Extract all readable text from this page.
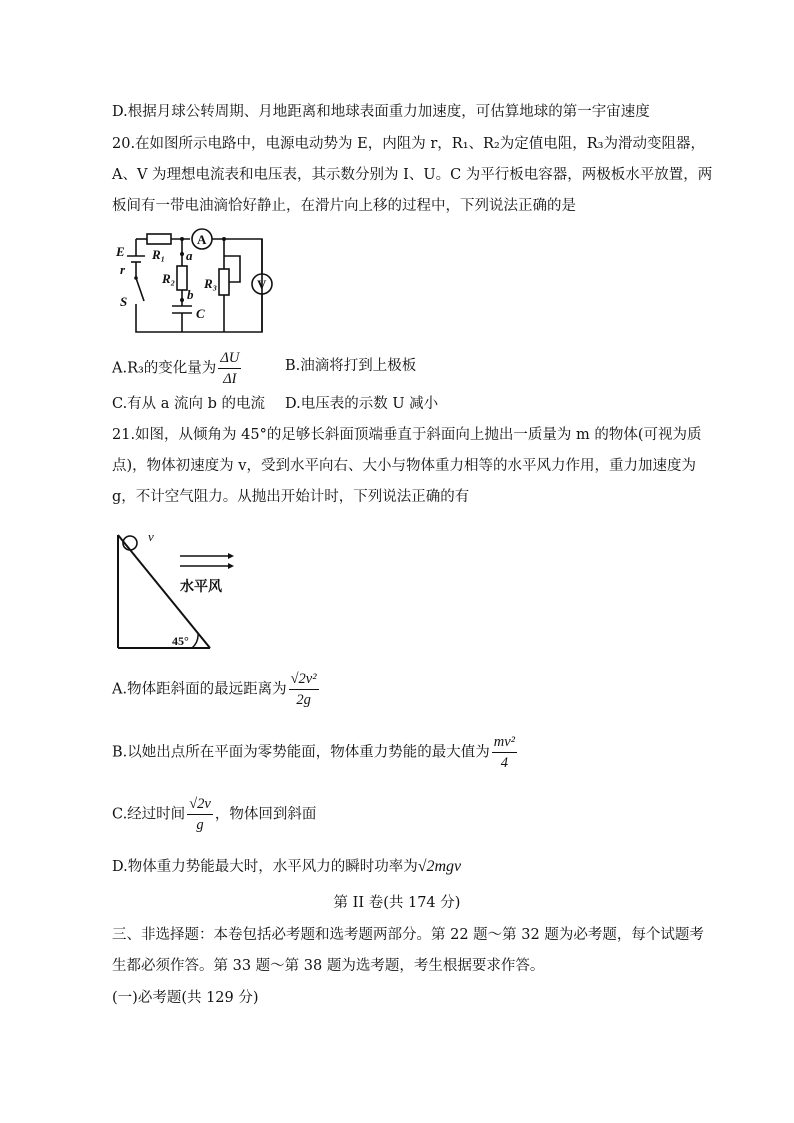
D.根据月球公转周期、月地距离和地球表面重力加速度，可估算地球的第一宇宙速度
20.在如图所示电路中，电源电动势为 E，内阻为 r，R₁、R₂为定值电阻，R₃为滑动变阻器，
A、V 为理想电流表和电压表，其示数分别为 I、U。C 为平行板电容器，两极板水平放置，两
板间有一带电油滴恰好静止，在滑片向上移的过程中，下列说法正确的是
E
r
S
R₁
R₂ R₃
a
b
C
A
V
A.R₃的变化量为 $\frac{\Delta U}{\Delta I}$	B.油滴将打到上极板
C.有从 a 流向 b 的电流 D.电压表的示数 U 减小
21.如图，从倾角为 45°的足够长斜面顶端垂直于斜面向上抛出一质量为 m 的物体(可视为质
点)，物体初速度为 v，受到水平向右、大小与物体重力相等的水平风力作用，重力加速度为
g，不计空气阻力。从抛出开始计时，下列说法正确的有
v
水平风
45°
A.物体距斜面的最远距离为 $\frac{\text{√2v²}}{2g}$
B.以她出点所在平面为零势能面，物体重力势能的最大值为 $\frac{\text{mv²}}{4}$
C.经过时间 $\frac{√2v}{g}$ ，物体回到斜面
D.物体重力势能最大时，水平风力的瞬时功率为√2mgv
第 II 卷(共 174 分)
三、非选择题：本卷包括必考题和选考题两部分。第 22 题～第 32 题为必考题，每个试题考
生都必须作答。第 33 题～第 38 题为选考题，考生根据要求作答。
(一)必考题(共 129 分)
